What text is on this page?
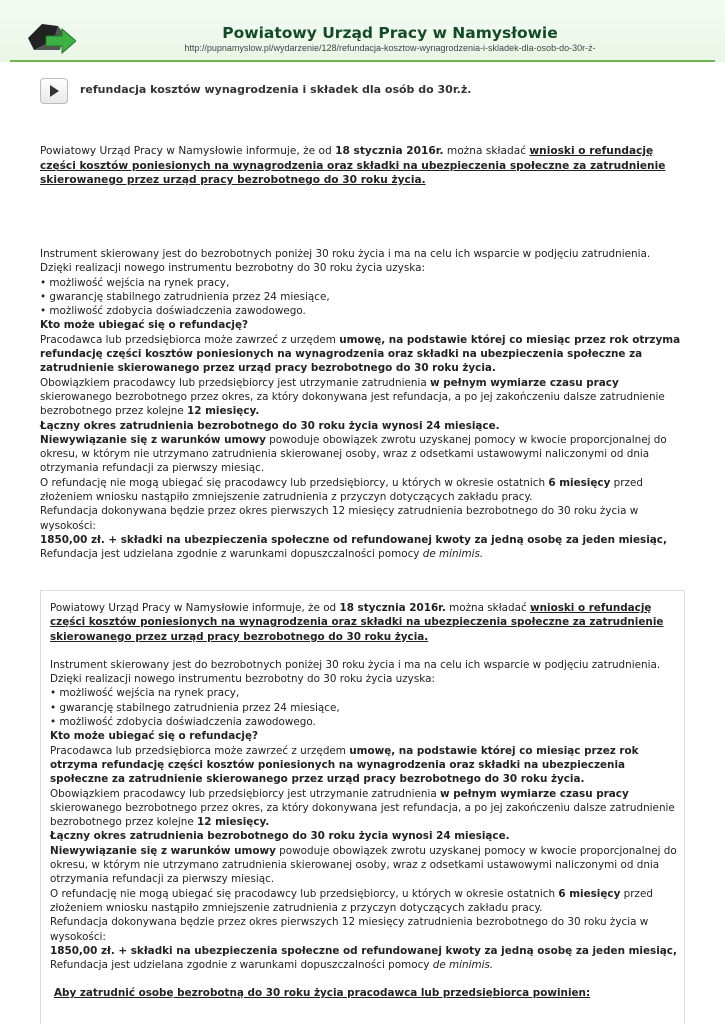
Powiatowy Urząd Pracy w Namysłowie
http://pupnamyslow.pl/wydarzenie/128/refundacja-kosztow-wynagrodzenia-i-skladek-dla-osob-do-30r-ż-
refundacja kosztów wynagrodzenia i składek dla osób do 30r.ż.
Powiatowy Urząd Pracy w Namysłowie informuje, że od 18 stycznia 2016r. można składać wnioski o refundację części kosztów poniesionych na wynagrodzenia oraz składki na ubezpieczenia społeczne za zatrudnienie skierowanego przez urząd pracy bezrobotnego do 30 roku życia.

Instrument skierowany jest do bezrobotnych poniżej 30 roku życia i ma na celu ich wsparcie w podjęciu zatrudnienia.

Dzięki realizacji nowego instrumentu bezrobotny do 30 roku życia uzyska:

• możliwość wejścia na rynek pracy,

• gwarancję stabilnego zatrudnienia przez 24 miesiące,

• możliwość zdobycia doświadczenia zawodowego.

Kto może ubiegać się o refundację?

Pracodawca lub przedsiębiorca może zawrzeć z urzędem umowę, na podstawie której co miesiąc przez rok otrzyma refundację części kosztów poniesionych na wynagrodzenia oraz składki na ubezpieczenia społeczne za zatrudnienie skierowanego przez urząd pracy bezrobotnego do 30 roku życia.

Obowiązkiem pracodawcy lub przedsiębiorcy jest utrzymanie zatrudnienia w pełnym wymiarze czasu pracy skierowanego bezrobotnego przez okres, za który dokonywana jest refundacja, a po jej zakończeniu dalsze zatrudnienie bezrobotnego przez kolejne 12 miesięcy.

Łączny okres zatrudnienia bezrobotnego do 30 roku życia wynosi 24 miesiące.

Niewywiązanie się z warunków umowy powoduje obowiązek zwrotu uzyskanej pomocy w kwocie proporcjonalnej do okresu, w którym nie utrzymano zatrudnienia skierowanej osoby, wraz z odsetkami ustawowymi naliczonymi od dnia otrzymania refundacji za pierwszy miesiąc.

O refundację nie mogą ubiegać się pracodawcy lub przedsiębiorcy, u których w okresie ostatnich 6 miesięcy przed złożeniem wniosku nastąpiło zmniejszenie zatrudnienia z przyczyn dotyczących zakładu pracy.

Refundacja dokonywana będzie przez okres pierwszych 12 miesięcy zatrudnienia bezrobotnego do 30 roku życia w wysokości:

1850,00 zł. + składki na ubezpieczenia społeczne od refundowanej kwoty za jedną osobę za jeden miesiąc,

Refundacja jest udzielana zgodnie z warunkami dopuszczalności pomocy de minimis.

Powiatowy Urząd Pracy w Namysłowie informuje, że od 18 stycznia 2016r. można składać wnioski o refundację części kosztów poniesionych na wynagrodzenia oraz składki na ubezpieczenia społeczne za zatrudnienie skierowanego przez urząd pracy bezrobotnego do 30 roku życia.

Instrument skierowany jest do bezrobotnych poniżej 30 roku życia i ma na celu ich wsparcie w podjęciu zatrudnienia.

Dzięki realizacji nowego instrumentu bezrobotny do 30 roku życia uzyska:

• możliwość wejścia na rynek pracy,

• gwarancję stabilnego zatrudnienia przez 24 miesiące,

• możliwość zdobycia doświadczenia zawodowego.

Kto może ubiegać się o refundację?

Pracodawca lub przedsiębiorca może zawrzeć z urzędem umowę, na podstawie której co miesiąc przez rok otrzyma refundację części kosztów poniesionych na wynagrodzenia oraz składki na ubezpieczenia społeczne za zatrudnienie skierowanego przez urząd pracy bezrobotnego do 30 roku życia.

Obowiązkiem pracodawcy lub przedsiębiorcy jest utrzymanie zatrudnienia w pełnym wymiarze czasu pracy skierowanego bezrobotnego przez okres, za który dokonywana jest refundacja, a po jej zakończeniu dalsze zatrudnienie bezrobotnego przez kolejne 12 miesięcy.

Łączny okres zatrudnienia bezrobotnego do 30 roku życia wynosi 24 miesiące.

Niewywiązanie się z warunków umowy powoduje obowiązek zwrotu uzyskanej pomocy w kwocie proporcjonalnej do okresu, w którym nie utrzymano zatrudnienia skierowanej osoby, wraz z odsetkami ustawowymi naliczonymi od dnia otrzymania refundacji za pierwszy miesiąc.

O refundację nie mogą ubiegać się pracodawcy lub przedsiębiorcy, u których w okresie ostatnich 6 miesięcy przed złożeniem wniosku nastąpiło zmniejszenie zatrudnienia z przyczyn dotyczących zakładu pracy.

Refundacja dokonywana będzie przez okres pierwszych 12 miesięcy zatrudnienia bezrobotnego do 30 roku życia w wysokości:

1850,00 zł. + składki na ubezpieczenia społeczne od refundowanej kwoty za jedną osobę za jeden miesiąc,

Refundacja jest udzielana zgodnie z warunkami dopuszczalności pomocy de minimis.

Aby zatrudnić osobę bezrobotną do 30 roku życia pracodawca lub przedsiębiorca powinien:
